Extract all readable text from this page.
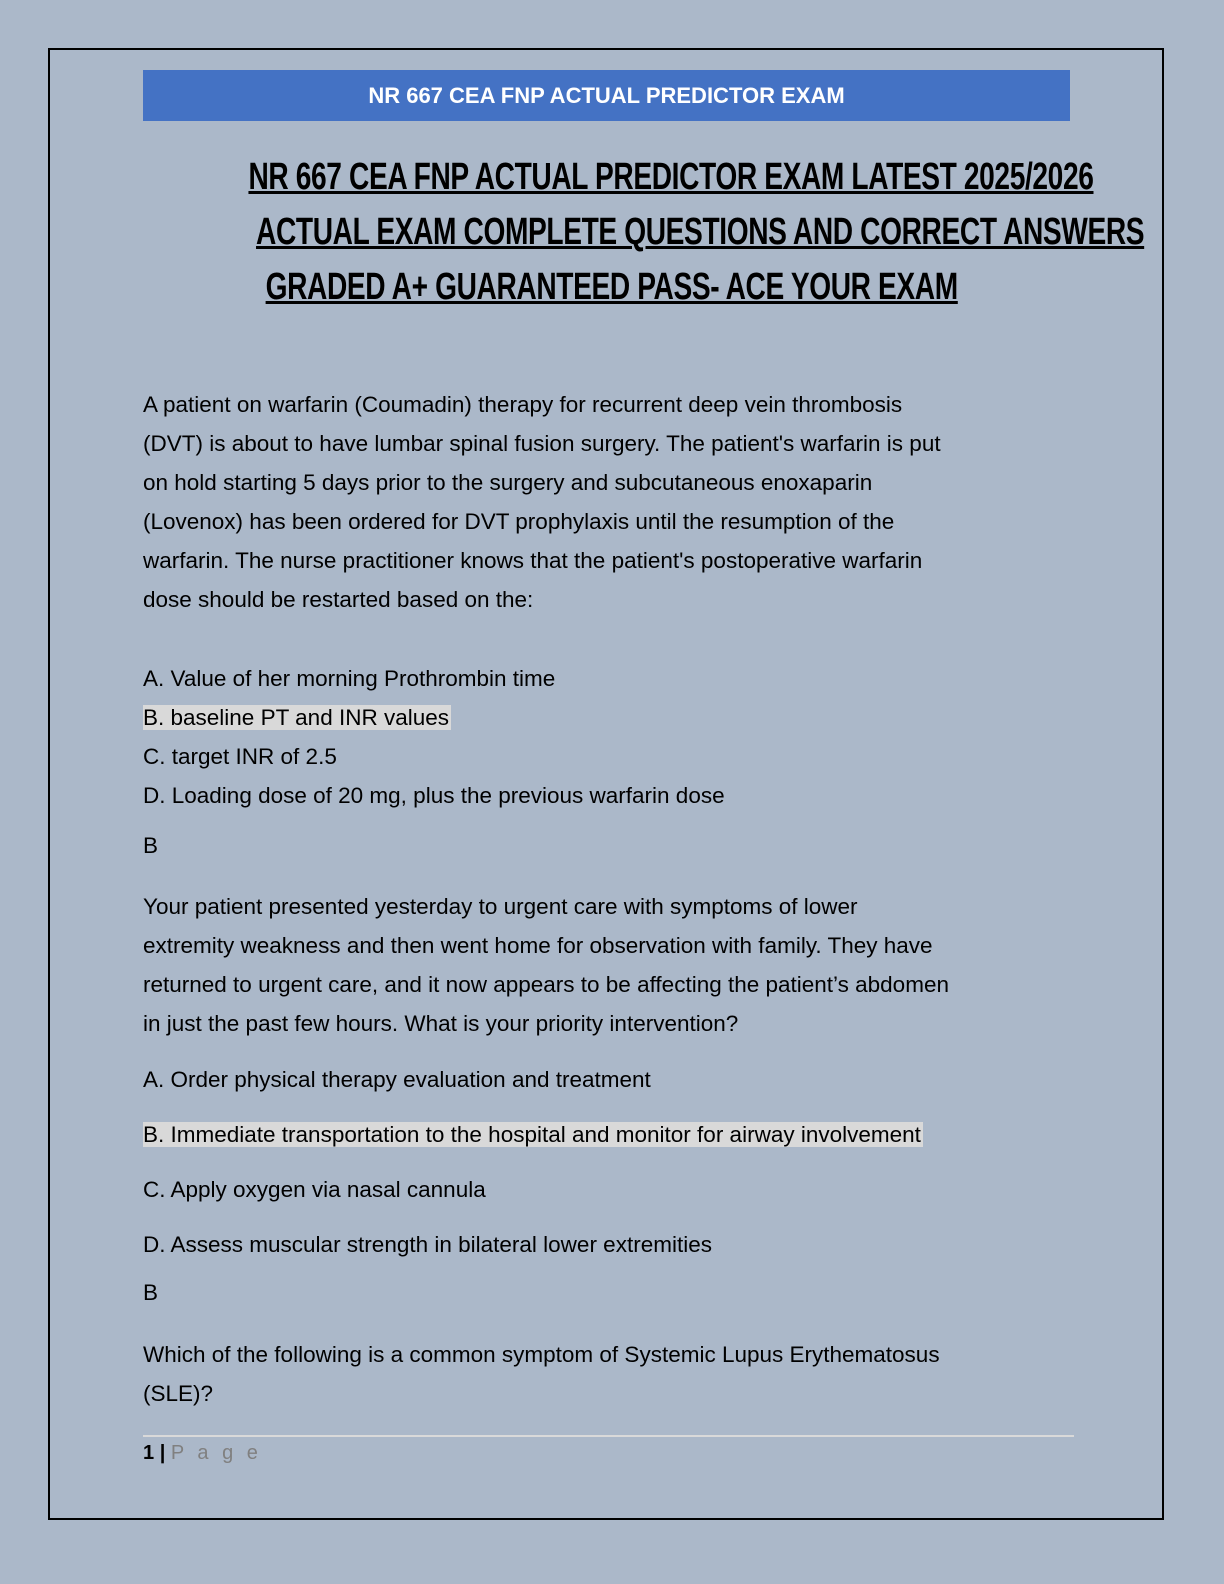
NR 667 CEA FNP ACTUAL PREDICTOR EXAM
NR 667 CEA FNP ACTUAL PREDICTOR EXAM LATEST 2025/2026
ACTUAL EXAM COMPLETE QUESTIONS AND CORRECT ANSWERS
GRADED A+ GUARANTEED PASS- ACE YOUR EXAM
A patient on warfarin (Coumadin) therapy for recurrent deep vein thrombosis
(DVT) is about to have lumbar spinal fusion surgery. The patient's warfarin is put
on hold starting 5 days prior to the surgery and subcutaneous enoxaparin
(Lovenox) has been ordered for DVT prophylaxis until the resumption of the
warfarin. The nurse practitioner knows that the patient's postoperative warfarin
dose should be restarted based on the:
A. Value of her morning Prothrombin time
B. baseline PT and INR values
C. target INR of 2.5
D. Loading dose of 20 mg, plus the previous warfarin dose
B
Your patient presented yesterday to urgent care with symptoms of lower
extremity weakness and then went home for observation with family. They have
returned to urgent care, and it now appears to be affecting the patient’s abdomen
in just the past few hours. What is your priority intervention?
A. Order physical therapy evaluation and treatment
B. Immediate transportation to the hospital and monitor for airway involvement
C. Apply oxygen via nasal cannula
D. Assess muscular strength in bilateral lower extremities
B
Which of the following is a common symptom of Systemic Lupus Erythematosus
(SLE)?
1 | P a g e
